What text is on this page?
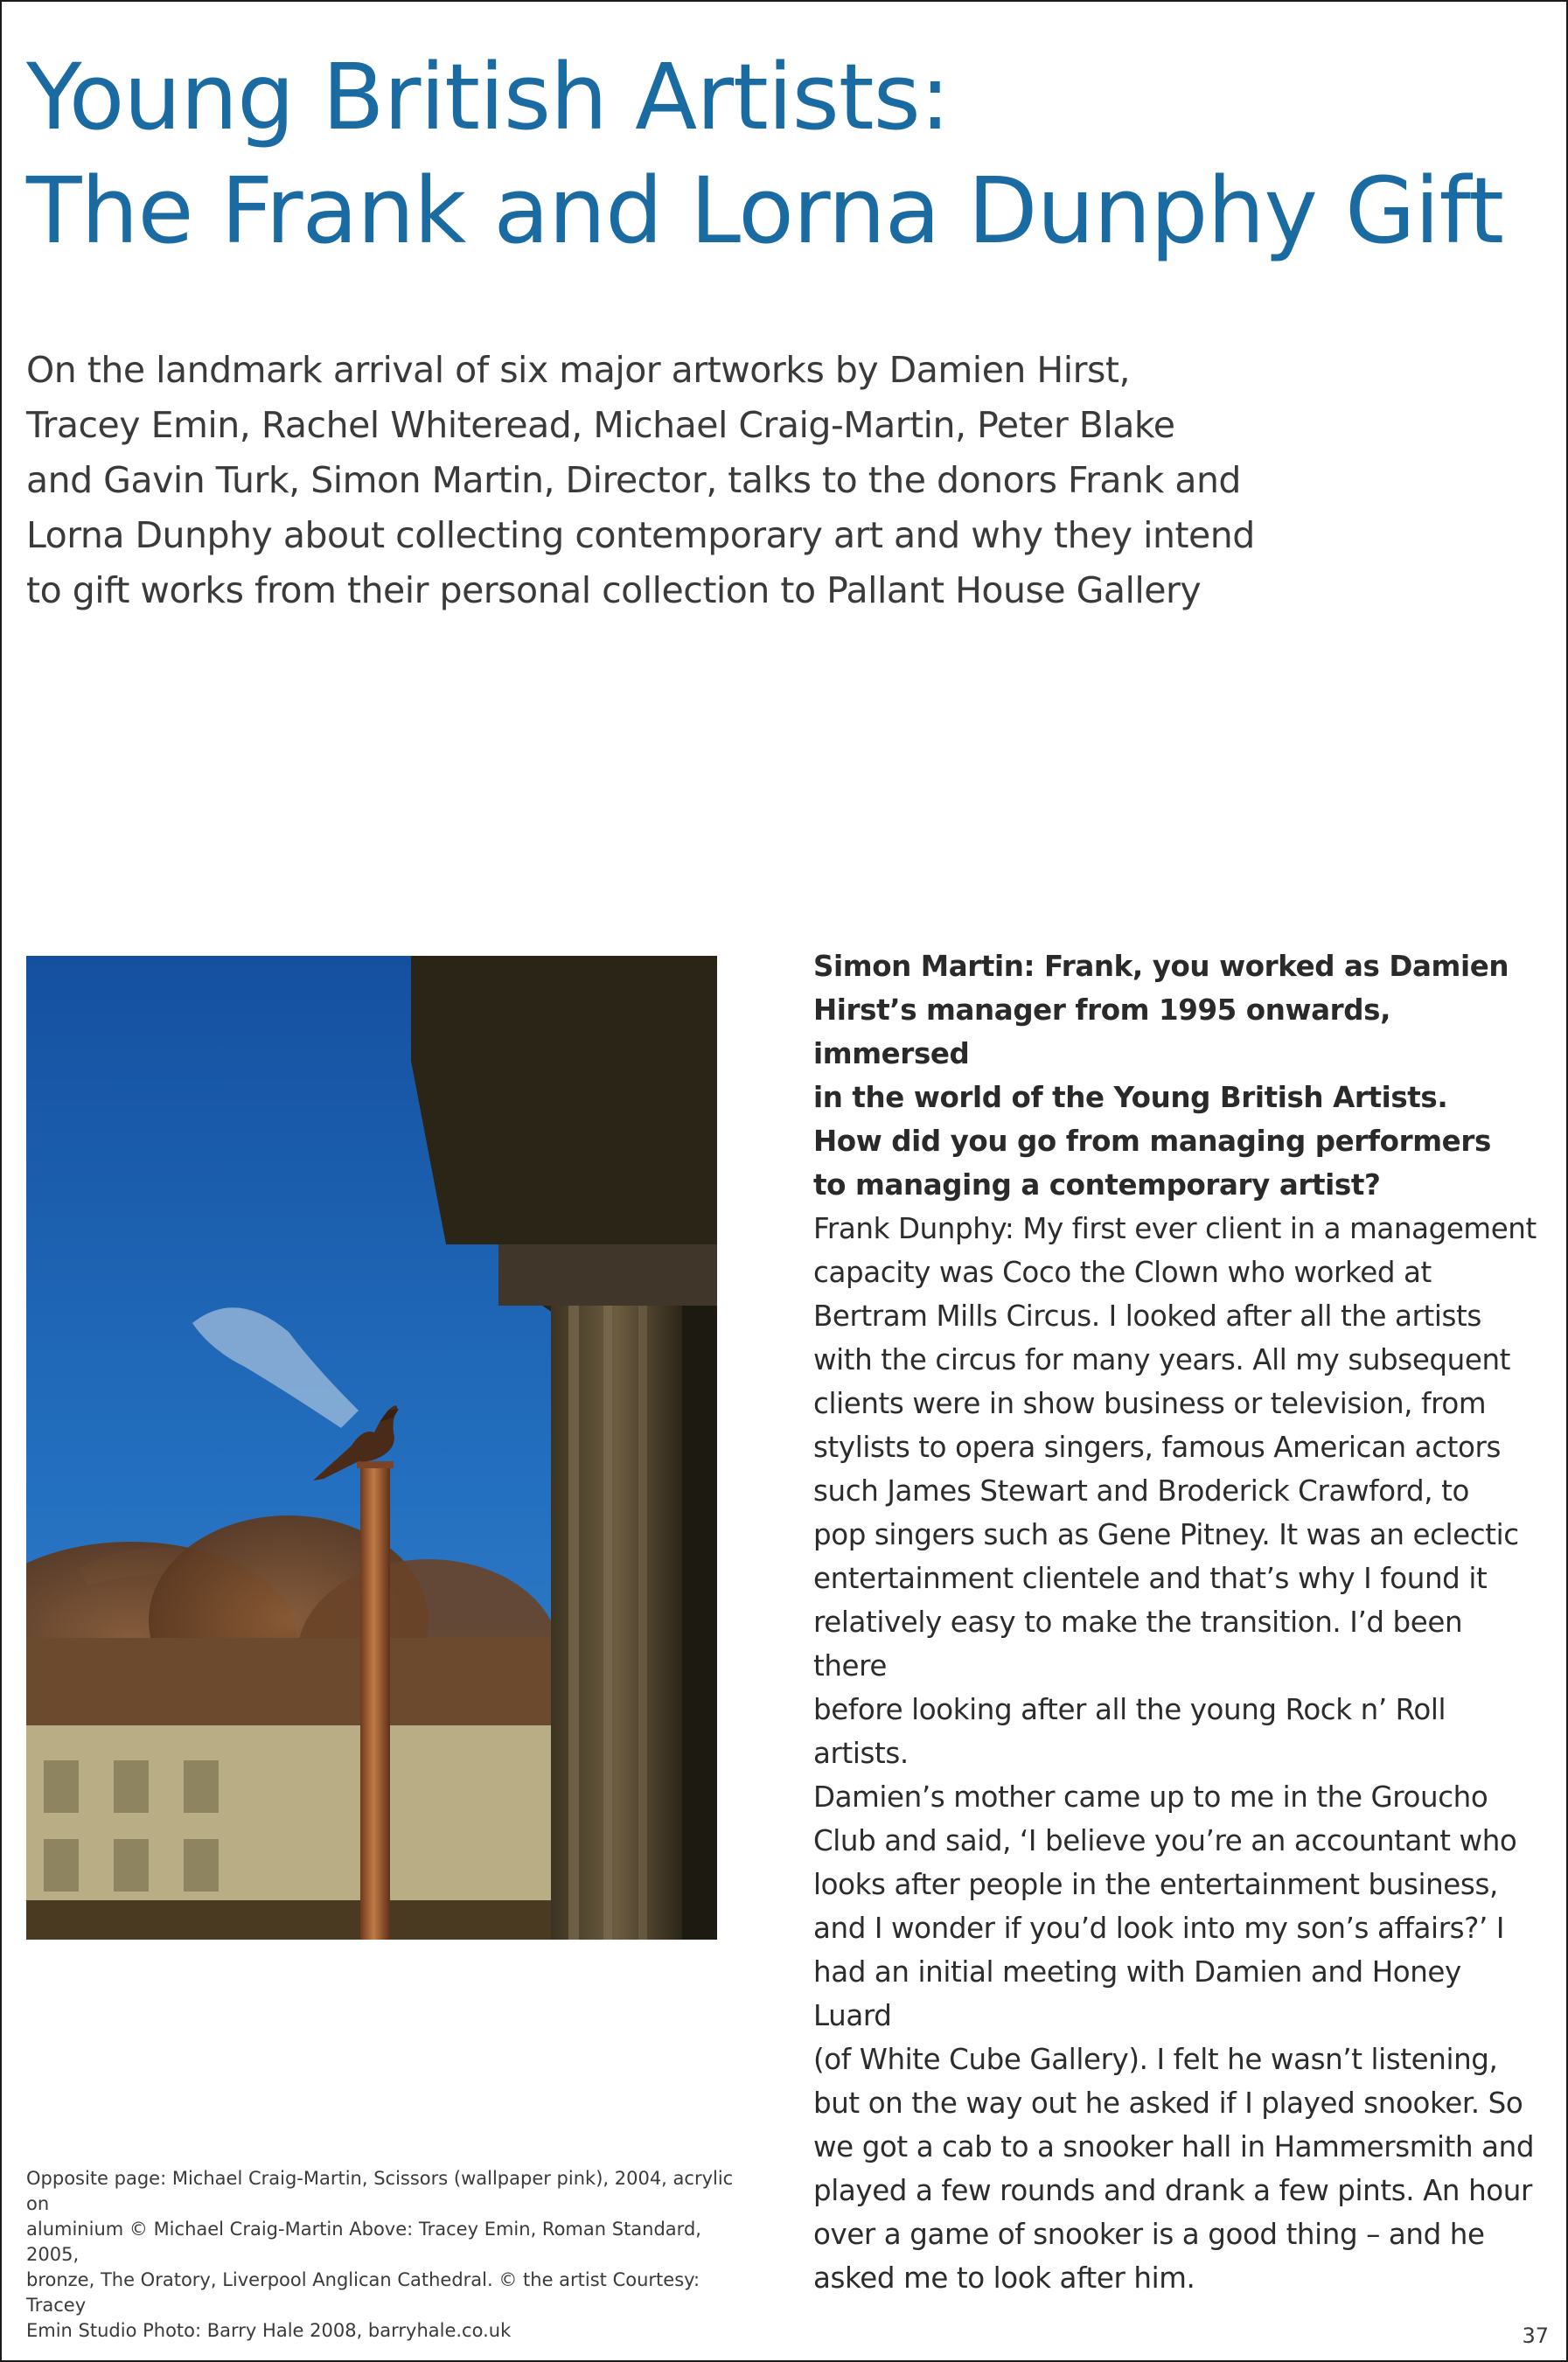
Young British Artists:
The Frank and Lorna Dunphy Gift

On the landmark arrival of six major artworks by Damien Hirst,
Tracey Emin, Rachel Whiteread, Michael Craig-Martin, Peter Blake
and Gavin Turk, Simon Martin, Director, talks to the donors Frank and
Lorna Dunphy about collecting contemporary art and why they intend
to gift works from their personal collection to Pallant House Gallery

Simon Martin: Frank, you worked as Damien
Hirst’s manager from 1995 onwards, immersed
in the world of the Young British Artists.
How did you go from managing performers
to managing a contemporary artist?

Frank Dunphy: My first ever client in a management
capacity was Coco the Clown who worked at
Bertram Mills Circus. I looked after all the artists
with the circus for many years. All my subsequent
clients were in show business or television, from
stylists to opera singers, famous American actors
such James Stewart and Broderick Crawford, to
pop singers such as Gene Pitney. It was an eclectic
entertainment clientele and that’s why I found it
relatively easy to make the transition. I’d been there
before looking after all the young Rock n’ Roll artists.
Damien’s mother came up to me in the Groucho
Club and said, ‘I believe you’re an accountant who
looks after people in the entertainment business,
and I wonder if you’d look into my son’s affairs?’ I
had an initial meeting with Damien and Honey Luard
(of White Cube Gallery). I felt he wasn’t listening,
but on the way out he asked if I played snooker. So
we got a cab to a snooker hall in Hammersmith and
played a few rounds and drank a few pints. An hour
over a game of snooker is a good thing – and he
asked me to look after him.

Opposite page: Michael Craig-Martin, Scissors (wallpaper pink), 2004, acrylic on
aluminium © Michael Craig-Martin Above: Tracey Emin, Roman Standard, 2005,
bronze, The Oratory, Liverpool Anglican Cathedral. © the artist Courtesy: Tracey
Emin Studio Photo: Barry Hale 2008, barryhale.co.uk	37
